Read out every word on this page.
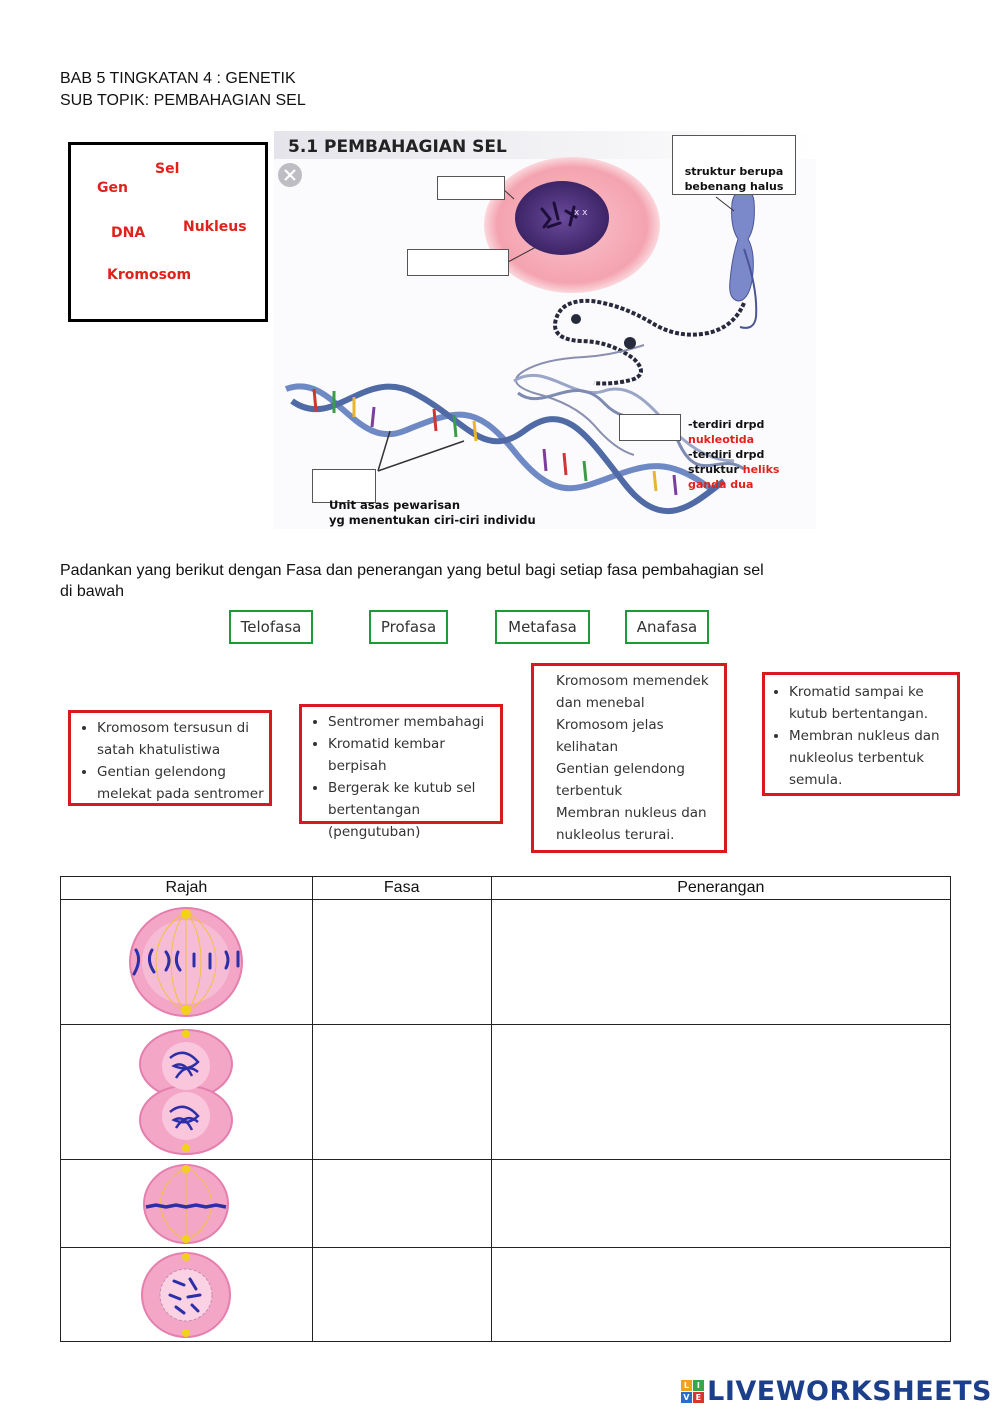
BAB 5 TINGKATAN 4 : GENETIK
SUB TOPIK: PEMBAHAGIAN SEL
Sel
Gen
DNA	Nukleus
Kromosom
x x
5.1 PEMBAHAGIAN SEL
struktur berupa
bebenang halus
-terdiri drpd
nukleotida
-terdiri drpd
struktur heliks
ganda dua
Unit asas pewarisan
yg menentukan ciri-ciri individu
Padankan yang berikut dengan Fasa dan penerangan yang betul bagi setiap fasa pembahagian sel
di bawah
Telofasa	Profasa	Metafasa	Anafasa
• Kromosom tersusun di satah khatulistiwa
• Gentian gelendong melekat pada sentromer
• Sentromer membahagi
• Kromatid kembar berpisah
• Bergerak ke kutub sel bertentangan (pengutuban)
Kromosom memendek
dan menebal
Kromosom jelas
kelihatan
Gentian gelendong
terbentuk
Membran nukleus dan
nukleolus terurai.
• Kromatid sampai ke kutub bertentangan.
• Membran nukleus dan nukleolus terbentuk semula.
Rajah	Fasa	Penerangan

L I
V E LIVEWORKSHEETS
